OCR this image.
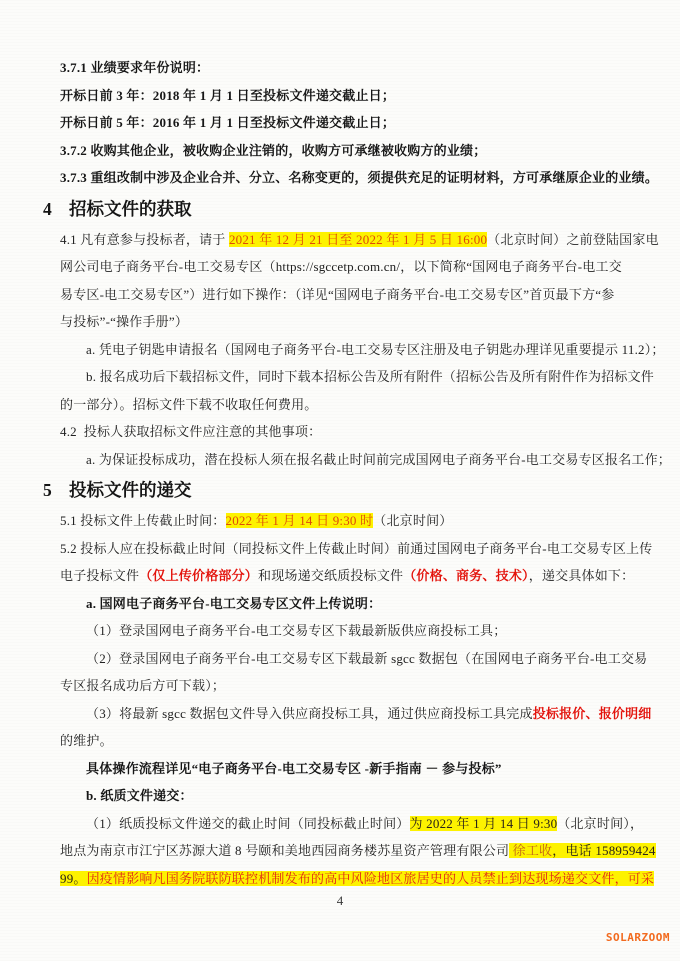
3.7.1 业绩要求年份说明：
开标日前 3 年：2018 年 1 月 1 日至投标文件递交截止日；
开标日前 5 年：2016 年 1 月 1 日至投标文件递交截止日；
3.7.2 收购其他企业，被收购企业注销的，收购方可承继被收购方的业绩；
3.7.3 重组改制中涉及企业合并、分立、名称变更的，须提供充足的证明材料，方可承继原企业的业绩。
4 招标文件的获取
4.1 凡有意参与投标者，请于 2021 年 12 月 21 日至 2022 年 1 月 5 日 16:00（北京时间）之前登陆国家电
网公司电子商务平台-电工交易专区（https://sgccetp.com.cn/，以下简称“国网电子商务平台-电工交
易专区-电工交易专区”）进行如下操作：（详见“国网电子商务平台-电工交易专区”首页最下方“参
与投标”-“操作手册”）
a. 凭电子钥匙申请报名（国网电子商务平台-电工交易专区注册及电子钥匙办理详见重要提示 11.2）；
b. 报名成功后下载招标文件，同时下载本招标公告及所有附件（招标公告及所有附件作为招标文件
的一部分）。招标文件下载不收取任何费用。
4.2  投标人获取招标文件应注意的其他事项：
a. 为保证投标成功，潜在投标人须在报名截止时间前完成国网电子商务平台-电工交易专区报名工作；
5 投标文件的递交
5.1 投标文件上传截止时间：2022 年 1 月 14 日 9:30 时（北京时间）
5.2 投标人应在投标截止时间（同投标文件上传截止时间）前通过国网电子商务平台-电工交易专区上传
电子投标文件（仅上传价格部分）和现场递交纸质投标文件（价格、商务、技术），递交具体如下：
a. 国网电子商务平台-电工交易专区文件上传说明：
（1）登录国网电子商务平台-电工交易专区下载最新版供应商投标工具；
（2）登录国网电子商务平台-电工交易专区下载最新 sgcc 数据包（在国网电子商务平台-电工交易
专区报名成功后方可下载）；
（3）将最新 sgcc 数据包文件导入供应商投标工具，通过供应商投标工具完成投标报价、报价明细
的维护。
具体操作流程详见“电子商务平台-电工交易专区 -新手指南 － 参与投标”
b. 纸质文件递交：
（1）纸质投标文件递交的截止时间（同投标截止时间）为 2022 年 1 月 14 日 9:30（北京时间），
地点为南京市江宁区苏源大道 8 号颐和美地西园商务楼苏星资产管理有限公司 徐工收，电话 158959424
99。因疫情影响凡国务院联防联控机制发布的高中风险地区旅居史的人员禁止到达现场递交文件，可采
4
SOLARZOOM
